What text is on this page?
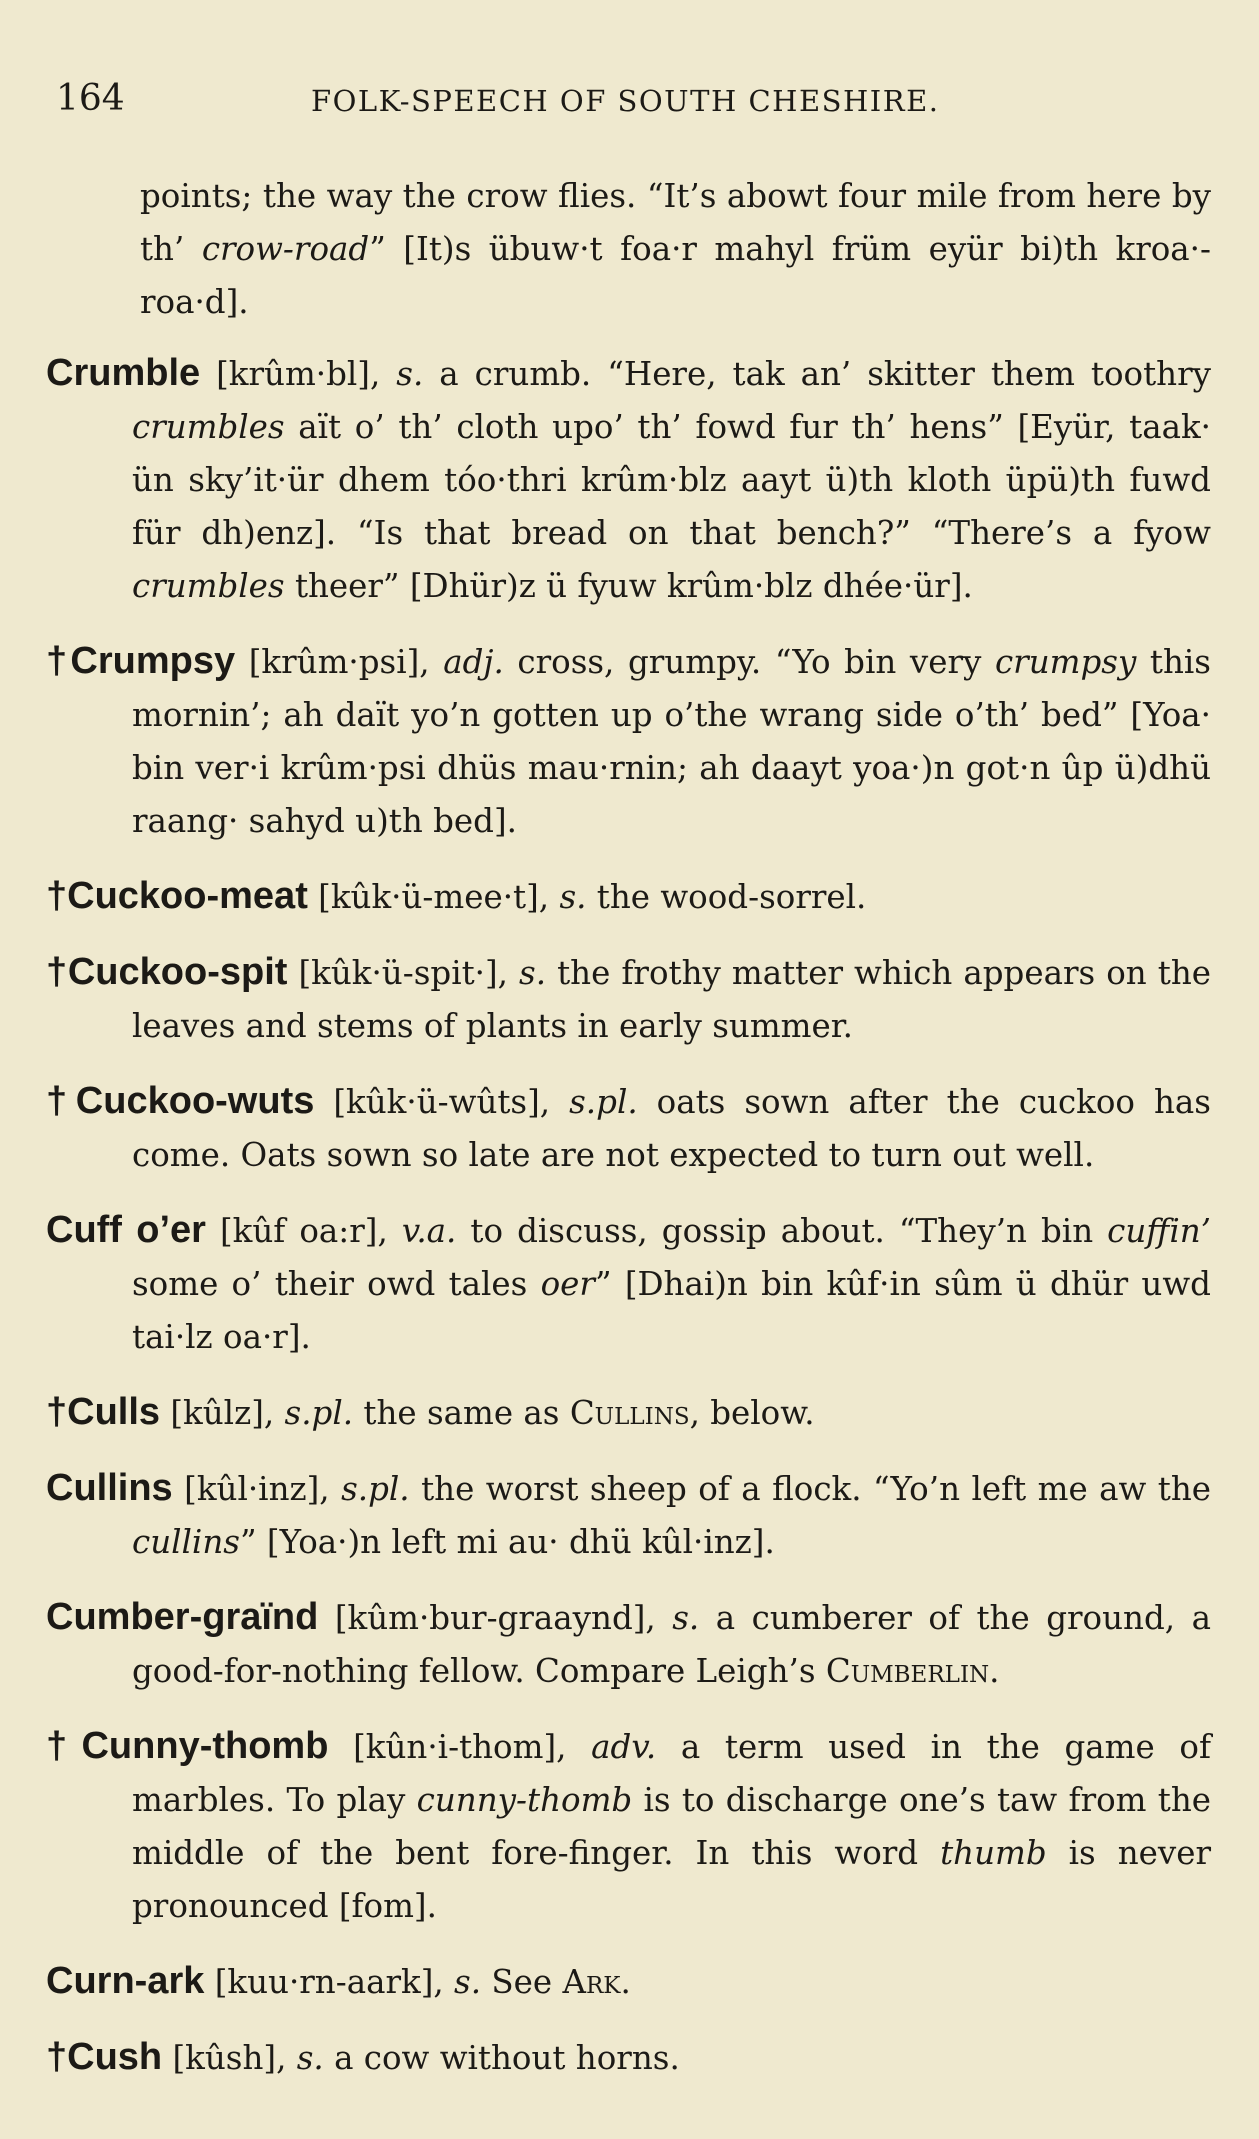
164	FOLK-SPEECH OF SOUTH CHESHIRE.

points; the way the crow flies. “It’s abowt four mile from here by th’ crow-road” [It)s übuw·t foa·r mahyl früm eyür bi)th kroa·-roa·d].

Crumble [krûm·bl], s. a crumb. “Here, tak an’ skitter them toothry crumbles aït o’ th’ cloth upo’ th’ fowd fur th’ hens” [Eyür, taak· ün sky’it·ür dhem tóo·thri krûm·blz aayt ü)th kloth üpü)th fuwd für dh)enz]. “Is that bread on that bench?” “There’s a fyow crumbles theer” [Dhür)z ü fyuw krûm·blz dhée·ür].

†Crumpsy [krûm·psi], adj. cross, grumpy. “Yo bin very crumpsy this mornin’; ah daït yo’n gotten up o’the wrang side o’th’ bed” [Yoa· bin ver·i krûm·psi dhüs mau·rnin; ah daayt yoa·)n got·n ûp ü)dhü raang· sahyd u)th bed].

†Cuckoo-meat [kûk·ü-mee·t], s. the wood-sorrel.

†Cuckoo-spit [kûk·ü-spit·], s. the frothy matter which appears on the leaves and stems of plants in early summer.

†Cuckoo-wuts [kûk·ü-wûts], s.pl. oats sown after the cuckoo has come. Oats sown so late are not expected to turn out well.

Cuff o’er [kûf oa:r], v.a. to discuss, gossip about. “They’n bin cuffin’ some o’ their owd tales oer” [Dhai)n bin kûf·in sûm ü dhür uwd tai·lz oa·r].

†Culls [kûlz], s.pl. the same as Cullins, below.

Cullins [kûl·inz], s.pl. the worst sheep of a flock. “Yo’n left me aw the cullins” [Yoa·)n left mi au· dhü kûl·inz].

Cumber-graïnd [kûm·bur-graaynd], s. a cumberer of the ground, a good-for-nothing fellow. Compare Leigh’s Cumberlin.

†Cunny-thomb [kûn·i-thom], adv. a term used in the game of marbles. To play cunny-thomb is to discharge one’s taw from the middle of the bent fore-finger. In this word thumb is never pronounced [fom].

Curn-ark [kuu·rn-aark], s. See Ark.

†Cush [kûsh], s. a cow without horns.
